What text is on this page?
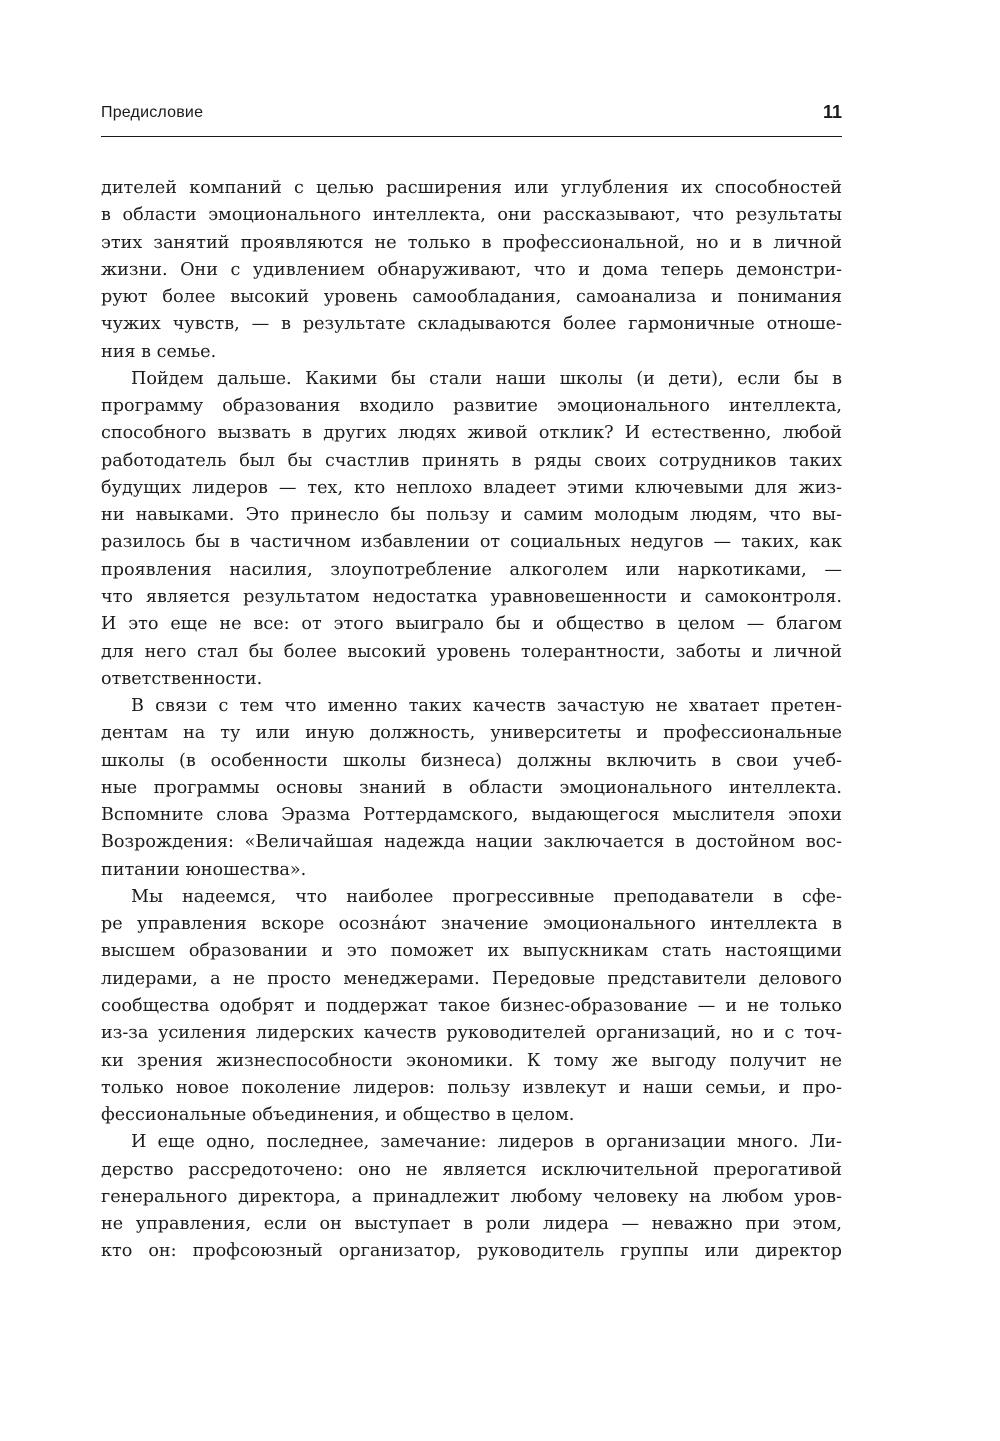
Предисловие	11

дителей компаний с целью расширения или углубления их способностей
в области эмоционального интеллекта, они рассказывают, что результаты
этих занятий проявляются не только в профессиональной, но и в личной
жизни. Они с удивлением обнаруживают, что и дома теперь демонстри-
руют более высокий уровень самообладания, самоанализа и понимания
чужих чувств, — в результате складываются более гармоничные отноше-
ния в семье.

Пойдем дальше. Какими бы стали наши школы (и дети), если бы в
программу образования входило развитие эмоционального интеллекта,
способного вызвать в других людях живой отклик? И естественно, любой
работодатель был бы счастлив принять в ряды своих сотрудников таких
будущих лидеров — тех, кто неплохо владеет этими ключевыми для жиз-
ни навыками. Это принесло бы пользу и самим молодым людям, что вы-
разилось бы в частичном избавлении от социальных недугов — таких, как
проявления насилия, злоупотребление алкоголем или наркотиками, —
что является результатом недостатка уравновешенности и самоконтроля.
И это еще не все: от этого выиграло бы и общество в целом — благом
для него стал бы более высокий уровень толерантности, заботы и личной
ответственности.

В связи с тем что именно таких качеств зачастую не хватает претен-
дентам на ту или иную должность, университеты и профессиональные
школы (в особенности школы бизнеса) должны включить в свои учеб-
ные программы основы знаний в области эмоционального интеллекта.
Вспомните слова Эразма Роттердамского, выдающегося мыслителя эпохи
Возрождения: «Величайшая надежда нации заключается в достойном вос-
питании юношества».

Мы надеемся, что наиболее прогрессивные преподаватели в сфе-
ре управления вскоре осознáют значение эмоционального интеллекта в
высшем образовании и это поможет их выпускникам стать настоящими
лидерами, а не просто менеджерами. Передовые представители делового
сообщества одобрят и поддержат такое бизнес-образование — и не только
из-за усиления лидерских качеств руководителей организаций, но и с точ-
ки зрения жизнеспособности экономики. К тому же выгоду получит не
только новое поколение лидеров: пользу извлекут и наши семьи, и про-
фессиональные объединения, и общество в целом.

И еще одно, последнее, замечание: лидеров в организации много. Ли-
дерство рассредоточено: оно не является исключительной прерогативой
генерального директора, а принадлежит любому человеку на любом уров-
не управления, если он выступает в роли лидера — неважно при этом,
кто он: профсоюзный организатор, руководитель группы или директор
